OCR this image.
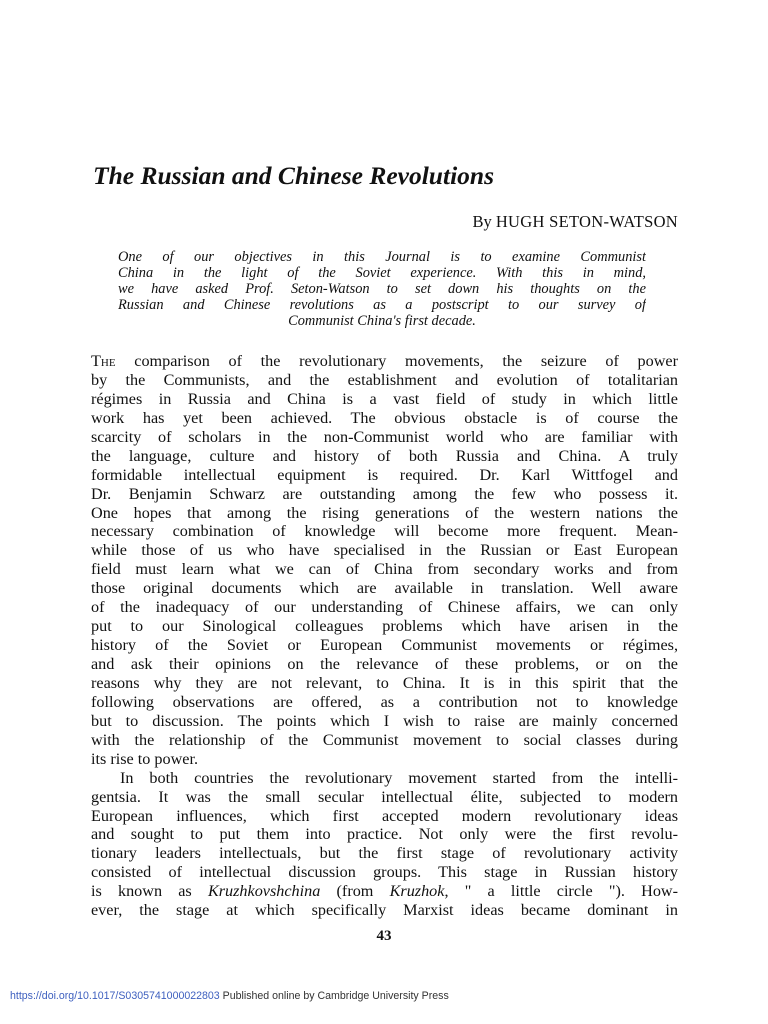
The Russian and Chinese Revolutions
By HUGH SETON-WATSON
One of our objectives in this Journal is to examine Communist
China in the light of the Soviet experience. With this in mind,
we have asked Prof. Seton-Watson to set down his thoughts on the
Russian and Chinese revolutions as a postscript to our survey of
Communist China's first decade.
The comparison of the revolutionary movements, the seizure of power
by the Communists, and the establishment and evolution of totalitarian
régimes in Russia and China is a vast field of study in which little
work has yet been achieved. The obvious obstacle is of course the
scarcity of scholars in the non-Communist world who are familiar with
the language, culture and history of both Russia and China. A truly
formidable intellectual equipment is required. Dr. Karl Wittfogel and
Dr. Benjamin Schwarz are outstanding among the few who possess it.
One hopes that among the rising generations of the western nations the
necessary combination of knowledge will become more frequent. Mean-
while those of us who have specialised in the Russian or East European
field must learn what we can of China from secondary works and from
those original documents which are available in translation. Well aware
of the inadequacy of our understanding of Chinese affairs, we can only
put to our Sinological colleagues problems which have arisen in the
history of the Soviet or European Communist movements or régimes,
and ask their opinions on the relevance of these problems, or on the
reasons why they are not relevant, to China. It is in this spirit that the
following observations are offered, as a contribution not to knowledge
but to discussion. The points which I wish to raise are mainly concerned
with the relationship of the Communist movement to social classes during
its rise to power.
In both countries the revolutionary movement started from the intelli-
gentsia. It was the small secular intellectual élite, subjected to modern
European influences, which first accepted modern revolutionary ideas
and sought to put them into practice. Not only were the first revolu-
tionary leaders intellectuals, but the first stage of revolutionary activity
consisted of intellectual discussion groups. This stage in Russian history
is known as Kruzhkovshchina (from Kruzhok, " a little circle "). How-
ever, the stage at which specifically Marxist ideas became dominant in
43
https://doi.org/10.1017/S0305741000022803 Published online by Cambridge University Press
